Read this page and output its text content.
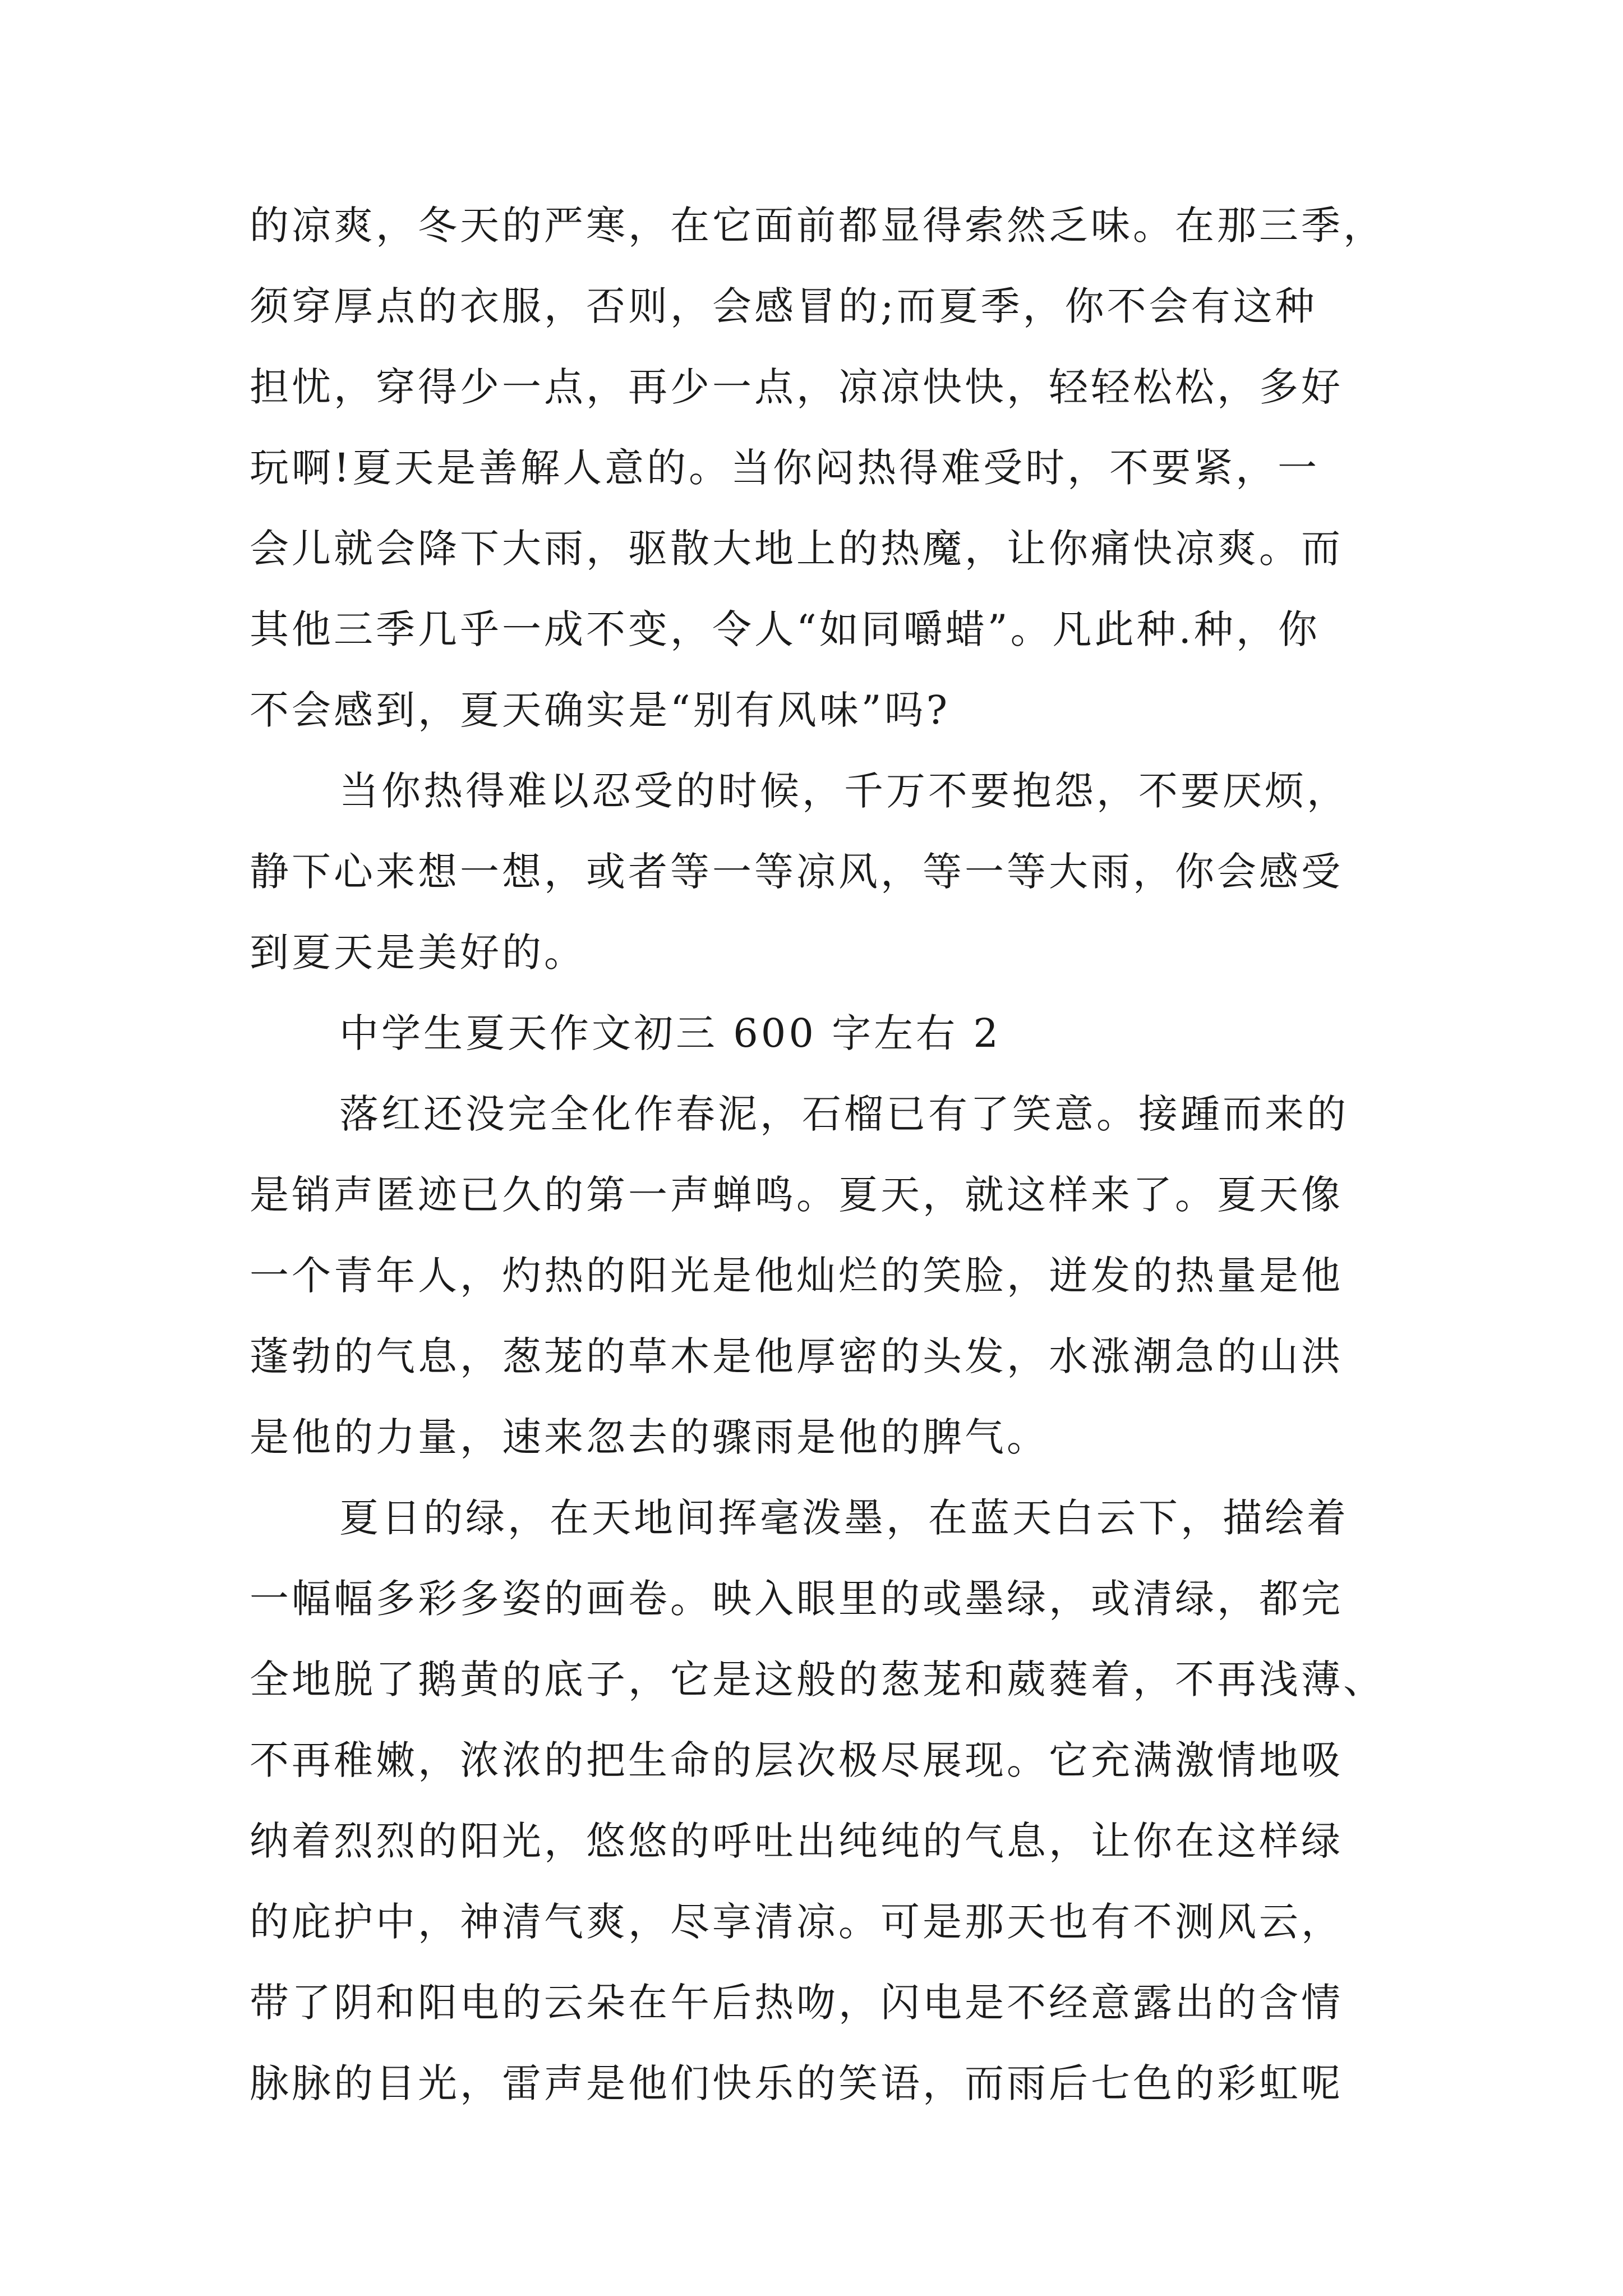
的凉爽，冬天的严寒，在它面前都显得索然乏味。在那三季，
须穿厚点的衣服，否则，会感冒的;而夏季，你不会有这种
担忧，穿得少一点，再少一点，凉凉快快，轻轻松松，多好
玩啊!夏天是善解人意的。当你闷热得难受时，不要紧，一
会儿就会降下大雨，驱散大地上的热魔，让你痛快凉爽。而
其他三季几乎一成不变，令人“如同嚼蜡”。凡此种.种，你
不会感到，夏天确实是“别有风味”吗?
当你热得难以忍受的时候，千万不要抱怨，不要厌烦，
静下心来想一想，或者等一等凉风，等一等大雨，你会感受
到夏天是美好的。
中学生夏天作文初三 600 字左右 2
落红还没完全化作春泥，石榴已有了笑意。接踵而来的
是销声匿迹已久的第一声蝉鸣。夏天，就这样来了。夏天像
一个青年人，灼热的阳光是他灿烂的笑脸，迸发的热量是他
蓬勃的气息，葱茏的草木是他厚密的头发，水涨潮急的山洪
是他的力量，速来忽去的骤雨是他的脾气。
夏日的绿，在天地间挥毫泼墨，在蓝天白云下，描绘着
一幅幅多彩多姿的画卷。映入眼里的或墨绿，或清绿，都完
全地脱了鹅黄的底子，它是这般的葱茏和葳蕤着，不再浅薄、
不再稚嫩，浓浓的把生命的层次极尽展现。它充满激情地吸
纳着烈烈的阳光，悠悠的呼吐出纯纯的气息，让你在这样绿
的庇护中，神清气爽，尽享清凉。可是那天也有不测风云，
带了阴和阳电的云朵在午后热吻，闪电是不经意露出的含情
脉脉的目光，雷声是他们快乐的笑语，而雨后七色的彩虹呢
